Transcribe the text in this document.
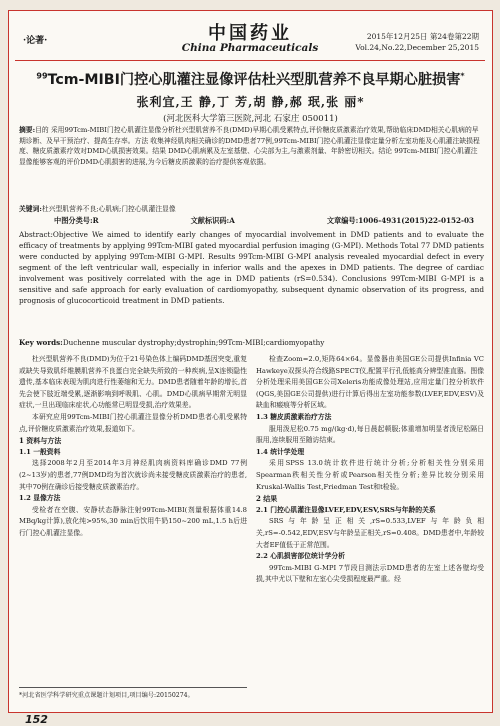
·论著·	中国药业
China Pharmaceuticals
2015年12月25日 第24卷第22期
Vol.24,No.22,December 25,2015
$^{99}$Tcm-MIBI门控心肌灌注显像评估杜兴型肌营养不良早期心脏损害*
张利宜,王 静,丁 芳,胡 静,郝 珉,张 丽*
(河北医科大学第三医院,河北 石家庄 050011)
摘要:目的 采用99Tcm-MIBI门控心肌灌注显像分析杜兴型肌营养不良(DMD)早期心肌受累特点,评价糖皮质激素治疗效果,帮助临床DMD相关心肌病的早期诊断、及早干预治疗、提高生存率。方法 收集神经肌肉相关确诊的DMD患者77例,99Tcm-MIBI门控心肌灌注显像定量分析左室功能及心肌灌注缺损程度、糖皮质激素疗效对DMD心肌损害效果。结果 DMD心肌病累及左室基壁、心尖部为主,与激素剂量、年龄密切相关。结论 99Tcm-MIBI门控心肌灌注显像能够客观的评价DMD心肌损害的进展,为今后糖皮质激素的治疗提供客观依据。
关键词:杜兴型肌营养不良;心肌病;门控心肌灌注显像
中图分类号:R	文献标识码:A	文章编号:1006-4931(2015)22-0152-03
Abstract:Objective We aimed to identify early changes of myocardial involvement in DMD patients and to evaluate the efficacy of treatments by applying 99Tcm-MIBI gated myocardial perfusion imaging (G-MPI). Methods Total 77 DMD patients were conducted by applying 99Tcm-MIBI G-MPI. Results 99Tcm-MIBI G-MPI analysis revealed myocardial defect in every segment of the left ventricular wall, especially in inferior walls and the apexes in DMD patients. The degree of cardiac involvement was positively correlated with the age in DMD patients (rS=0.534). Conclusions 99Tcm-MIBI G-MPI is a sensitive and safe approach for early evaluation of cardiomyopathy, subsequent dynamic observation of its progress, and prognosis of glucocorticoid treatment in DMD patients.
Key words:Duchenne muscular dystrophy;dystrophin;99Tcm-MIBI;cardiomyopathy

杜兴型肌营养不良(DMD)为位于21号染色体上编码DMD基因突变,重复或缺失导致肌纤维膜肌营养不良蛋白完全缺失所致的一种疾病,呈X连锁隐性遗传,基本临床表现为肌肉进行性萎缩和无力。DMD患者随着年龄的增长,首先会使下肢近端受累,逐渐影响到呼吸肌、心肌。DMD心肌病早期常无明显症状,一旦出现临床症状,心功能常已明显受损,治疗效果差。

本研究应用99Tcm-MIBI门控心肌灌注显像分析DMD患者心肌受累特点,评价糖皮质激素治疗效果,报道如下。

1 资料与方法
1.1 一般资料

选择2008年2月至2014年3月神经肌肉病资料库确诊DMD 77例(2~13岁)的患者,77例DMD均为首次就诊尚未接受糖皮质激素治疗的患者,其中70例在确诊后接受糖皮质激素治疗。

1.2 显像方法

受检者在空腹、安静状态静脉注射99Tcm-MIBI(剂量根据体重14.8 MBq/kg计算),放化纯>95%,30 min后饮用牛奶150~200 mL,1.5 h后进行门控心肌灌注显像。

检查Zoom=2.0,矩阵64×64。显像器由美国GE公司提供Infinia VC Hawkeye双探头符合线路SPECT仪,配置平行孔低能高分辨型准直器。图像分析处理采用美国GE公司Xeleris功能成像处理站,应用定量门控分析软件(QGS,美国GE公司提供)进行计算后得出左室功能参数(LVEF,EDV,ESV)及缺血和瘢痕等分析区域。

1.3 糖皮质激素治疗方法

服用泼尼松0.75 mg/(kg·d),每日晨起顿服;体重增加明显者泼尼松隔日服用,连续服用至随访结束。

1.4 统计学处理

采用SPSS 13.0统计软件进行统计分析;分析相关性分别采用Spearman秩相关性分析或Pearson相关性分析;差异比较分别采用Kruskal-Wallis Test,Friedman Test和t检验。

2 结果
2.1 门控心肌灌注显像LVEF,EDV,ESV,SRS与年龄的关系

SRS与年龄呈正相关,rS=0.533,LVEF与年龄负相关,rS=-0.542,EDV,ESV与年龄呈正相关,rS=0.408。DMD患者中,年龄较大者EF值低于正常范围。

2.2 心肌损害部位统计学分析

99Tcm-MIBI G-MPI 7节段目测法示DMD患者的左室上述各壁均受损,其中尤以下壁和左室心尖受损程度最严重。经

*河北省医学科学研究重点课题计划项目,项目编号:20150274。
152
